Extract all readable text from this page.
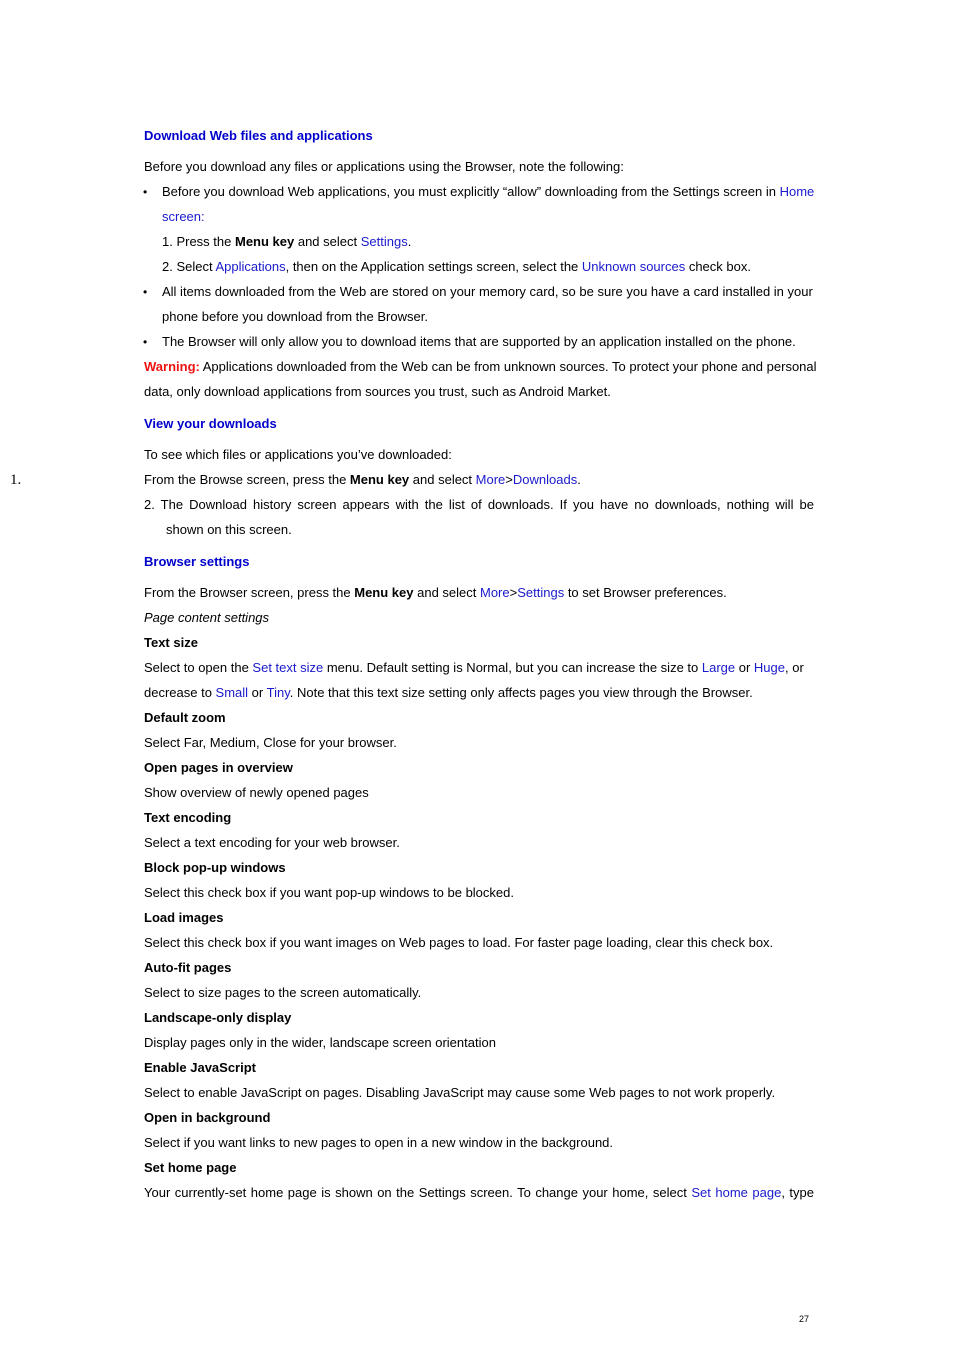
Download Web files and applications
Before you download any files or applications using the Browser, note the following:
•	Before you download Web applications, you must explicitly “allow” downloading from the Settings screen in Home
screen:
1. Press the Menu key and select Settings.
2. Select Applications, then on the Application settings screen, select the Unknown sources check box.
•	All items downloaded from the Web are stored on your memory card, so be sure you have a card installed in your
phone before you download from the Browser.
•	The Browser will only allow you to download items that are supported by an application installed on the phone.
Warning: Applications downloaded from the Web can be from unknown sources. To protect your phone and personal
data, only download applications from sources you trust, such as Android Market.
View your downloads
To see which files or applications you’ve downloaded:
1.	From the Browse screen, press the Menu key and select More>Downloads.
2. The Download history screen appears with the list of downloads. If you have no downloads, nothing will be
shown on this screen.
Browser settings
From the Browser screen, press the Menu key and select More>Settings to set Browser preferences.
Page content settings
Text size
Select to open the Set text size menu. Default setting is Normal, but you can increase the size to Large or Huge, or
decrease to Small or Tiny. Note that this text size setting only affects pages you view through the Browser.
Default zoom
Select Far, Medium, Close for your browser.
Open pages in overview
Show overview of newly opened pages
Text encoding
Select a text encoding for your web browser.
Block pop-up windows
Select this check box if you want pop-up windows to be blocked.
Load images
Select this check box if you want images on Web pages to load. For faster page loading, clear this check box.
Auto-fit pages
Select to size pages to the screen automatically.
Landscape-only display
Display pages only in the wider, landscape screen orientation
Enable JavaScript
Select to enable JavaScript on pages. Disabling JavaScript may cause some Web pages to not work properly.
Open in background
Select if you want links to new pages to open in a new window in the background.
Set home page
Your currently-set home page is shown on the Settings screen. To change your home, select Set home page, type
27
